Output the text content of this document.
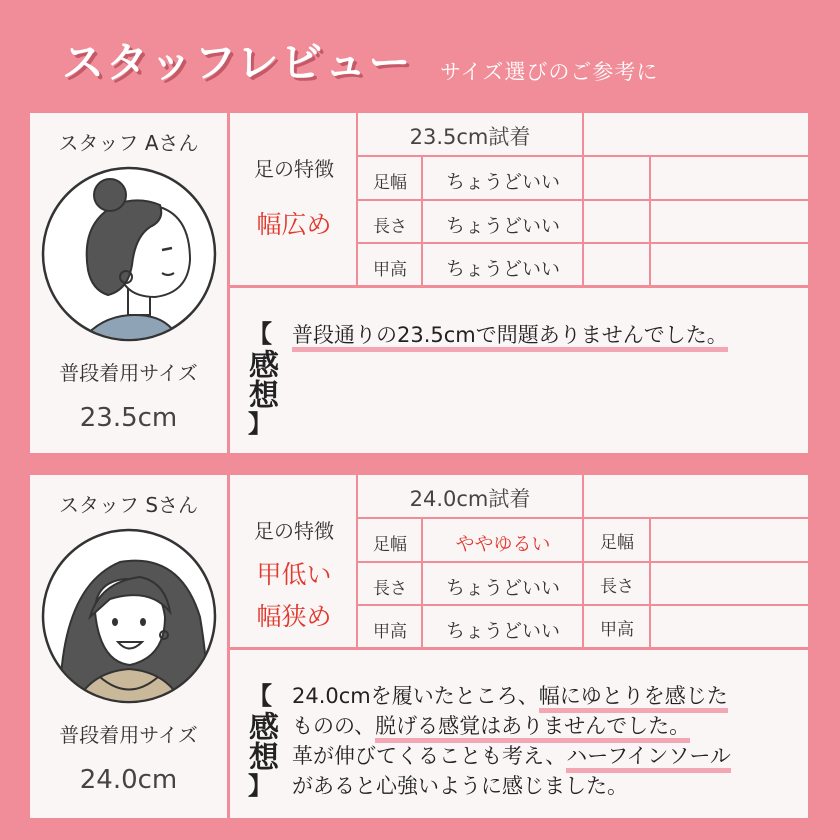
スタッフレビュー サイズ選びのご参考に
スタッフ Aさん
普段着用サイズ
23.5cm
足の特徴
幅広め
23.5cm試着
足幅	ちょうどいい
長さ	ちょうどいい
甲高	ちょうどいい
【
感想
】
普段通りの23.5cmで問題ありませんでした。
スタッフ Sさん
普段着用サイズ
24.0cm
足の特徴
甲低い
幅狭め
24.0cm試着
足幅	ややゆるい	足幅
長さ	ちょうどいい	長さ
甲高	ちょうどいい	甲高
【
感想
】
24.0cmを履いたところ、幅にゆとりを感じた
ものの、脱げる感覚はありませんでした。
革が伸びてくることも考え、ハーフインソール
があると心強いように感じました。
